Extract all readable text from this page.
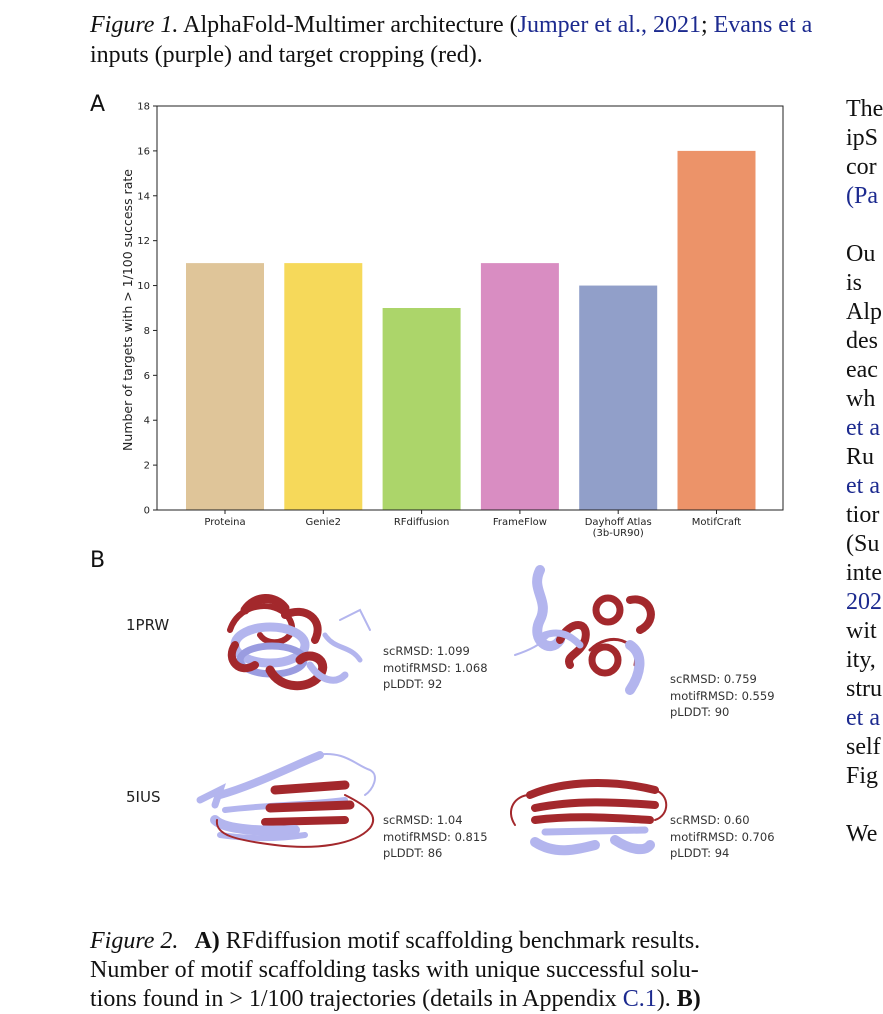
Figure 1. AlphaFold-Multimer architecture (Jumper et al., 2021; Evans et a
inputs (purple) and target cropping (red).
A
B
0
2
4
6
8
10
12
14
16
18
Proteina	Genie2	RFdiffusion	FrameFlow	Dayhoff Atlas
(3b-UR90)
MotifCraft
Number of targets with > 1/100 success rate
1PRW
5IUS
scRMSD: 1.099
motifRMSD: 1.068
pLDDT: 92	scRMSD: 0.759
motifRMSD: 0.559
pLDDT: 90
scRMSD: 1.04
motifRMSD: 0.815
pLDDT: 86
scRMSD: 0.60
motifRMSD: 0.706
pLDDT: 94
Figure 2. A) RFdiffusion motif scaffolding benchmark results.
Number of motif scaffolding tasks with unique successful solu-
tions found in > 1/100 trajectories (details in Appendix C.1). B)
The
ipS
cor
(Pa
Ou
is
Alp
des
eac
wh
et a
Ru
et a
tior
(Su
inte
202
wit
ity,
stru
et a
self
Fig
We
